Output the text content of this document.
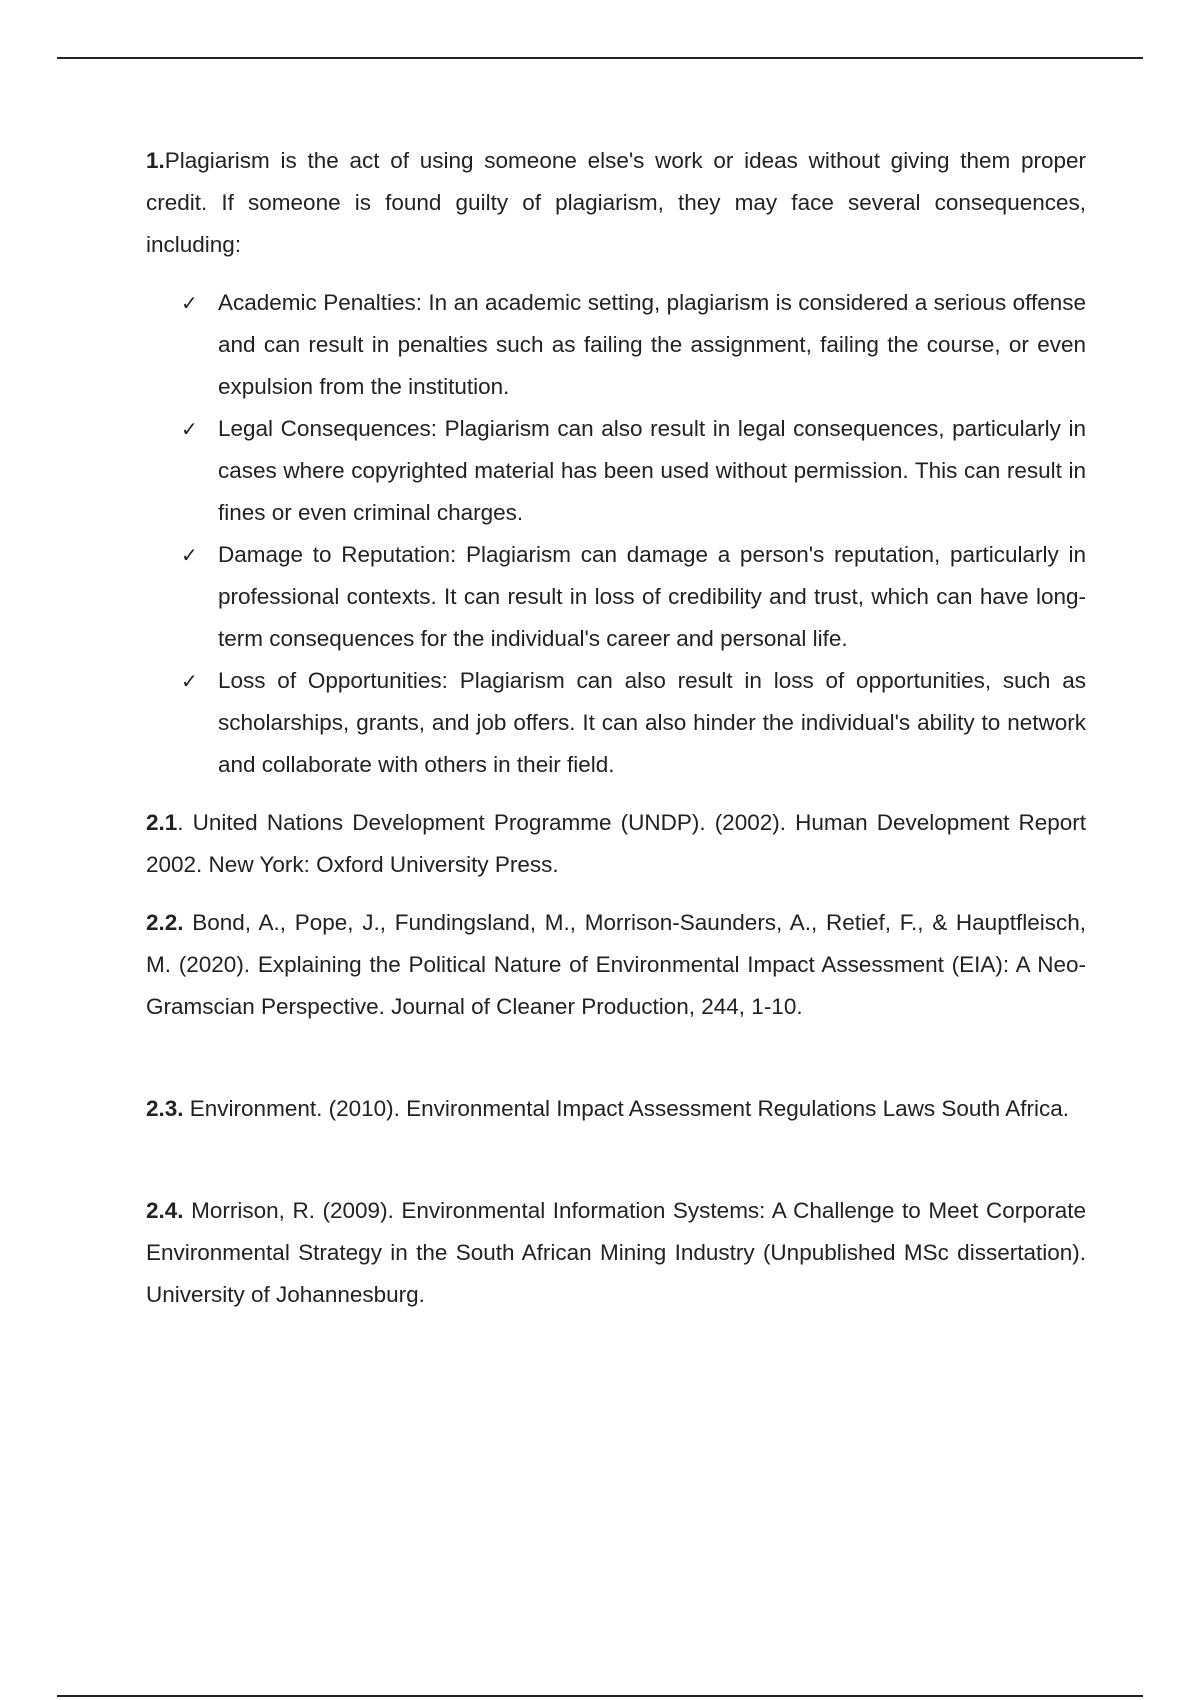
1.Plagiarism is the act of using someone else's work or ideas without giving them proper credit. If someone is found guilty of plagiarism, they may face several consequences, including:

✓ Academic Penalties: In an academic setting, plagiarism is considered a serious offense and can result in penalties such as failing the assignment, failing the course, or even expulsion from the institution.
✓ Legal Consequences: Plagiarism can also result in legal consequences, particularly in cases where copyrighted material has been used without permission. This can result in fines or even criminal charges.
✓ Damage to Reputation: Plagiarism can damage a person's reputation, particularly in professional contexts. It can result in loss of credibility and trust, which can have long-term consequences for the individual's career and personal life.
✓ Loss of Opportunities: Plagiarism can also result in loss of opportunities, such as scholarships, grants, and job offers. It can also hinder the individual's ability to network and collaborate with others in their field.

2.1. United Nations Development Programme (UNDP). (2002). Human Development Report 2002. New York: Oxford University Press.

2.2. Bond, A., Pope, J., Fundingsland, M., Morrison-Saunders, A., Retief, F., & Hauptfleisch, M. (2020). Explaining the Political Nature of Environmental Impact Assessment (EIA): A Neo-Gramscian Perspective. Journal of Cleaner Production, 244, 1-10.

2.3. Environment. (2010). Environmental Impact Assessment Regulations Laws South Africa.

2.4. Morrison, R. (2009). Environmental Information Systems: A Challenge to Meet Corporate Environmental Strategy in the South African Mining Industry (Unpublished MSc dissertation). University of Johannesburg.
